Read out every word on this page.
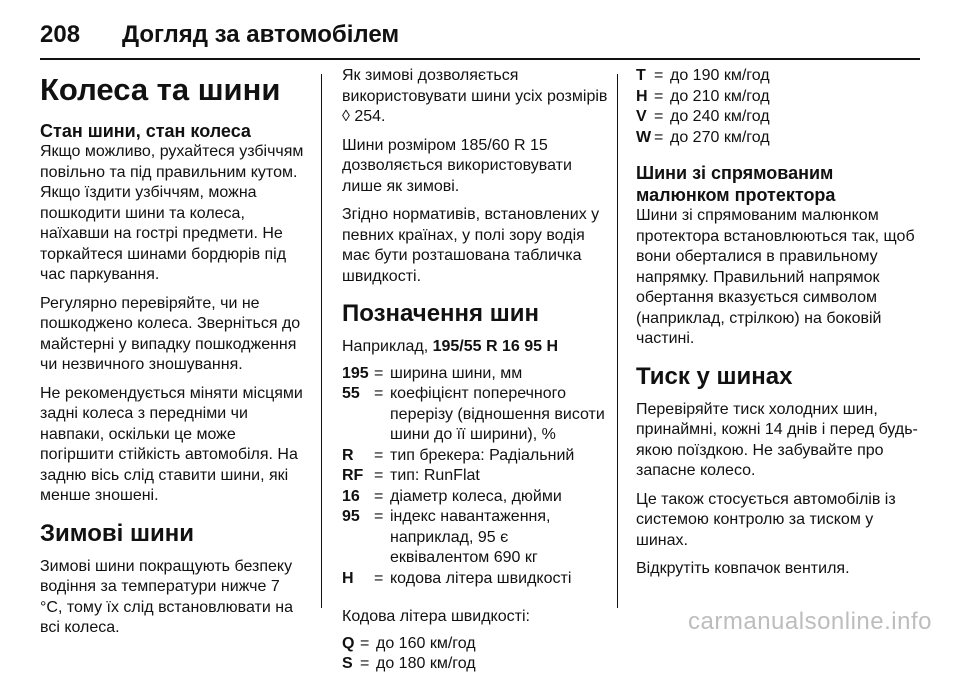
208	Догляд за автомобілем
Колеса та шини
Стан шини, стан колеса

Якщо можливо, рухайтеся узбіччям повільно та під правильним кутом. Якщо їздити узбіччям, можна пошкодити шини та колеса, наїхавши на гострі предмети. Не торкайтеся шинами бордюрів під час паркування.

Регулярно перевіряйте, чи не пошкоджено колеса. Зверніться до майстерні у випадку пошкодження чи незвичного зношування.

Не рекомендується міняти місцями задні колеса з передніми чи навпаки, оскільки це може погіршити стійкість автомобіля. На задню вісь слід ставити шини, які менше зношені.

Зимові шини

Зимові шини покращують безпеку водіння за температури нижче 7 °C, тому їх слід встановлювати на всі колеса.

Як зимові дозволяється використовувати шини усіх розмірів ◊ 254.

Шини розміром 185/60 R 15 дозволяється використовувати лише як зимові.

Згідно нормативів, встановлених у певних країнах, у полі зору водія має бути розташована табличка швидкості.

Позначення шин

Наприклад, 195/55 R 16 95 H

195 = ширина шини, мм
55 = коефіцієнт поперечного перерізу (відношення висоти шини до її ширини), %
R	= тип брекера: Радіальний
RF = тип: RunFlat
16 = діаметр колеса, дюйми
95 = індекс навантаження, наприклад, 95 є еквівалентом 690 кг
H	= кодова літера швидкості

Кодова літера швидкості:

Q = до 160 км/год
S = до 180 км/год
T = до 190 км/год
H = до 210 км/год
V = до 240 км/год
W = до 270 км/год
Шини зі спрямованим малюнком протектора

Шини зі спрямованим малюнком протектора встановлюються так, щоб вони оберталися в правильному напрямку. Правильний напрямок обертання вказується символом (наприклад, стрілкою) на боковій частині.

Тиск у шинах

Перевіряйте тиск холодних шин, принаймні, кожні 14 днів і перед будь-якою поїздкою. Не забувайте про запасне колесо.

Це також стосується автомобілів із системою контролю за тиском у шинах.

Відкрутіть ковпачок вентиля.

carmanualsonline.info
